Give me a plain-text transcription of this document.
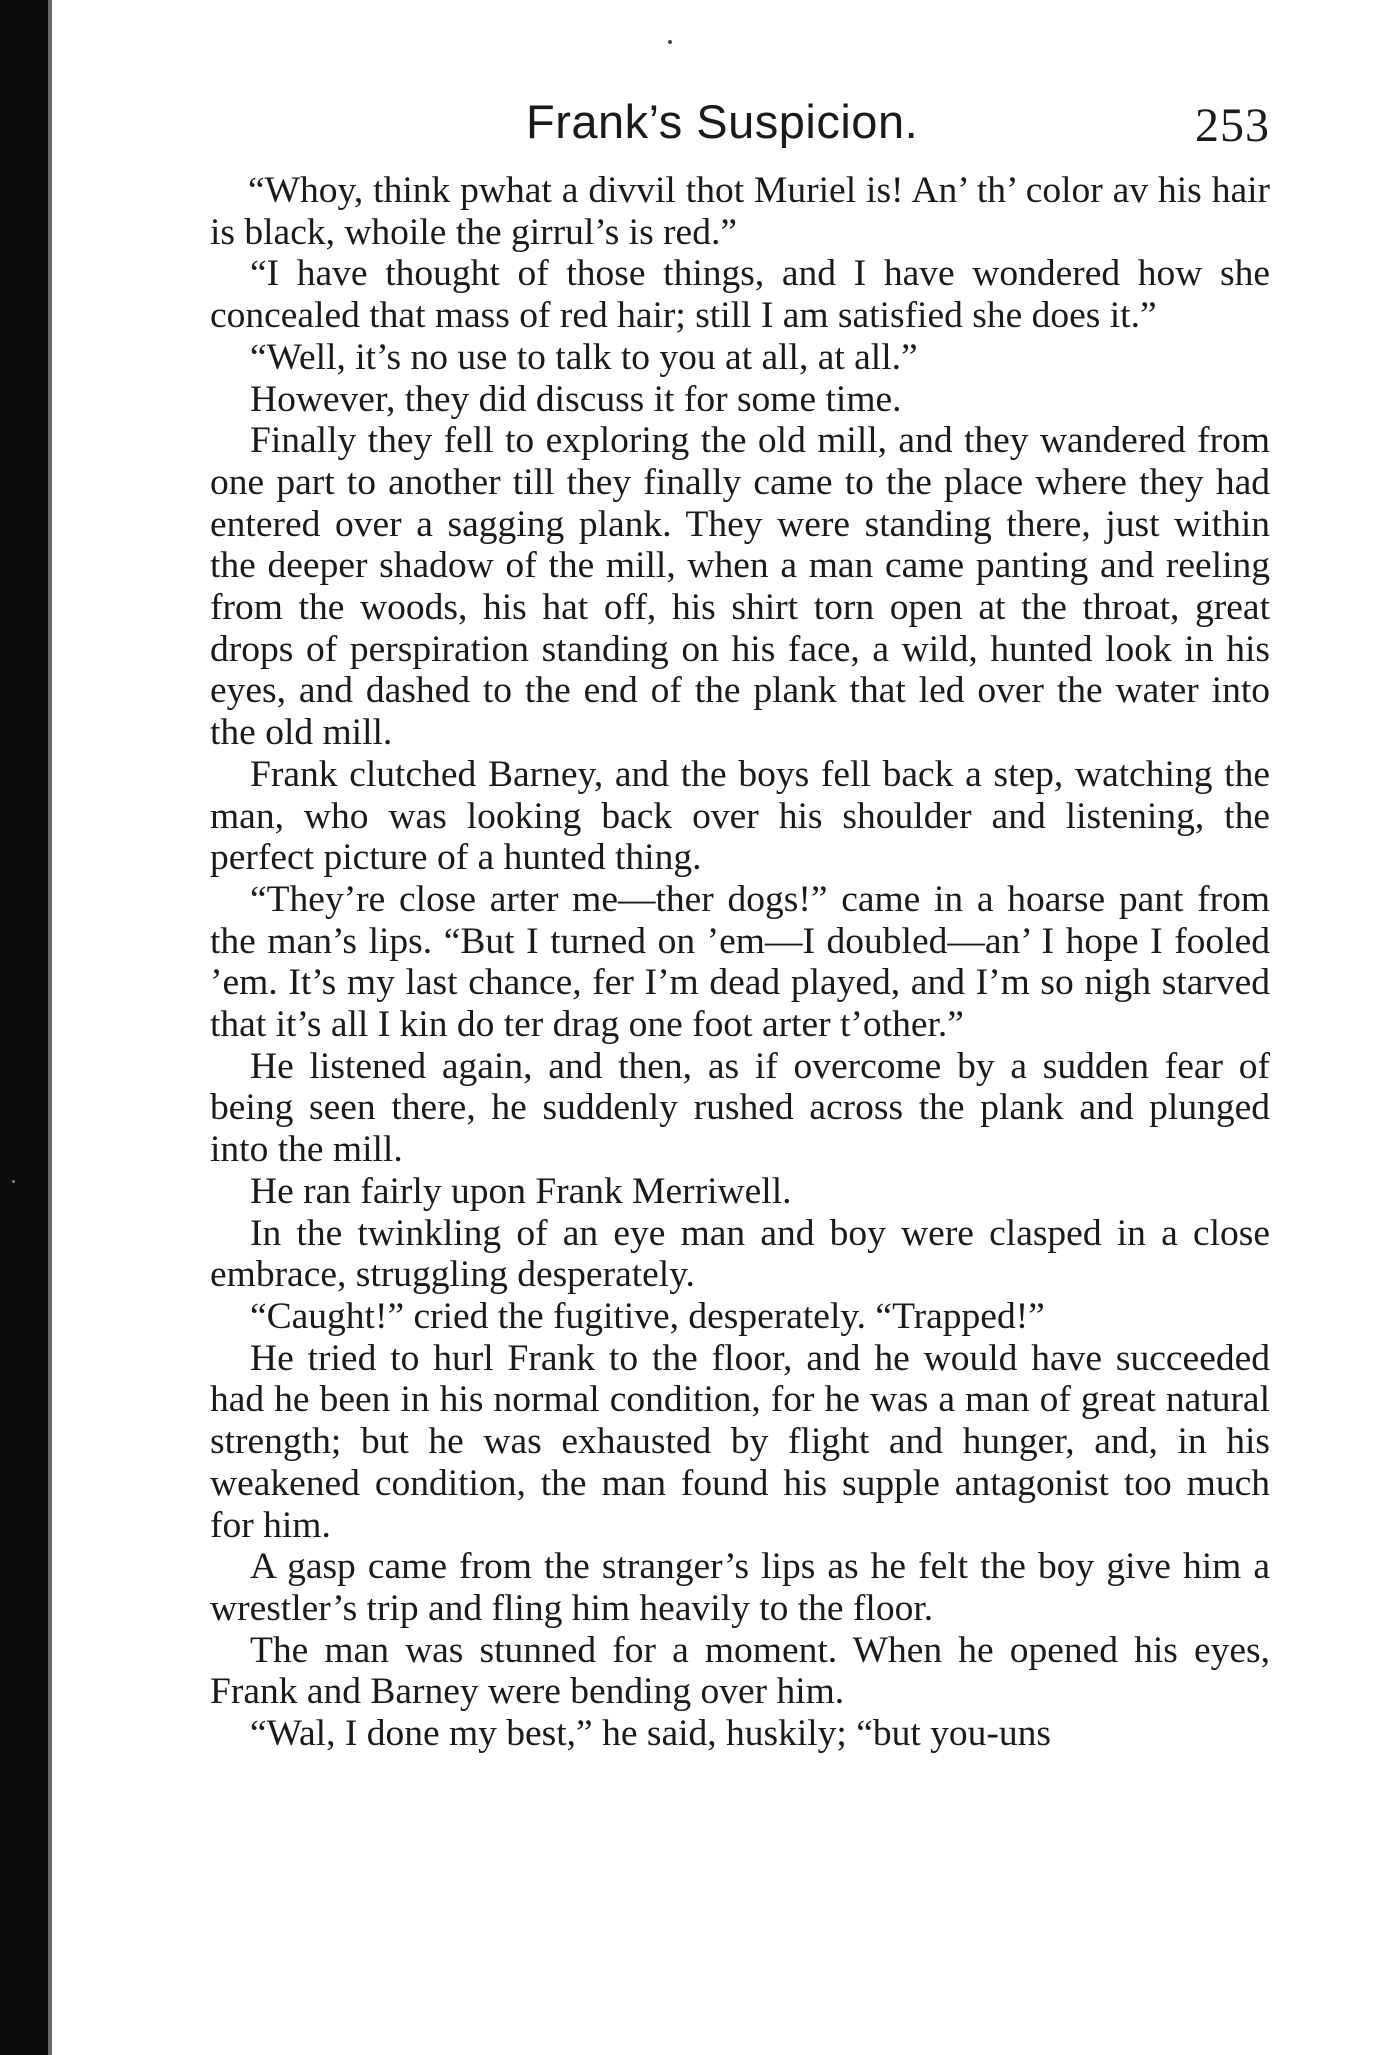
Frank’s Suspicion.	253

“Whoy, think pwhat a divvil thot Muriel is! An’ th’ color av his hair is black, whoile the girrul’s is red.”

“I have thought of those things, and I have wondered how she concealed that mass of red hair; still I am satisfied she does it.”

“Well, it’s no use to talk to you at all, at all.”

However, they did discuss it for some time.

Finally they fell to exploring the old mill, and they wandered from one part to another till they finally came to the place where they had entered over a sagging plank. They were standing there, just within the deeper shadow of the mill, when a man came panting and reeling from the woods, his hat off, his shirt torn open at the throat, great drops of perspiration standing on his face, a wild, hunted look in his eyes, and dashed to the end of the plank that led over the water into the old mill.

Frank clutched Barney, and the boys fell back a step, watching the man, who was looking back over his shoulder and listening, the perfect picture of a hunted thing.

“They’re close arter me—ther dogs!” came in a hoarse pant from the man’s lips. “But I turned on ’em—I doubled—an’ I hope I fooled ’em. It’s my last chance, fer I’m dead played, and I’m so nigh starved that it’s all I kin do ter drag one foot arter t’other.”

He listened again, and then, as if overcome by a sudden fear of being seen there, he suddenly rushed across the plank and plunged into the mill.

He ran fairly upon Frank Merriwell.

In the twinkling of an eye man and boy were clasped in a close embrace, struggling desperately.

“Caught!” cried the fugitive, desperately. “Trapped!”

He tried to hurl Frank to the floor, and he would have succeeded had he been in his normal condition, for he was a man of great natural strength; but he was exhausted by flight and hunger, and, in his weakened condition, the man found his supple antagonist too much for him.

A gasp came from the stranger’s lips as he felt the boy give him a wrestler’s trip and fling him heavily to the floor.

The man was stunned for a moment. When he opened his eyes, Frank and Barney were bending over him.

“Wal, I done my best,” he said, huskily; “but you-uns
